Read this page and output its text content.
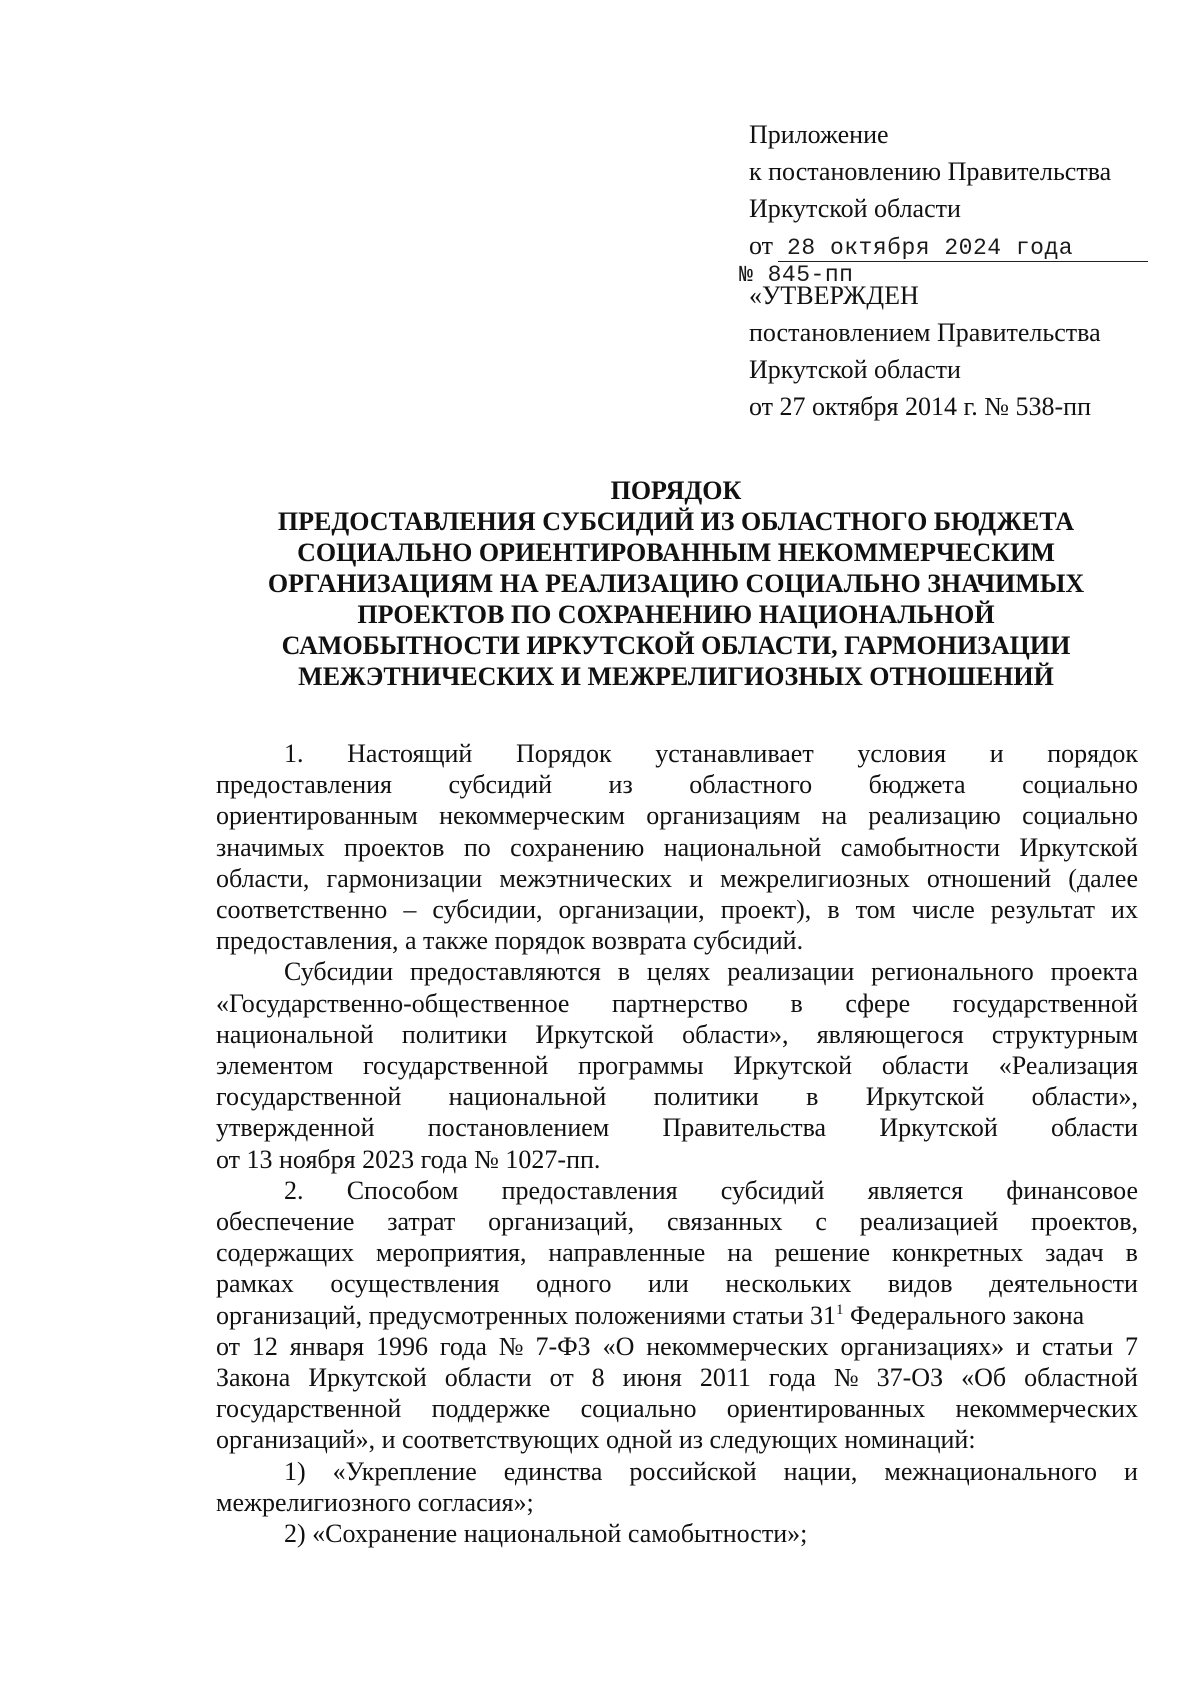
Приложение
к постановлению Правительства
Иркутской области
от 28 октября 2024 года
№ 845-пп
«УТВЕРЖДЕН
постановлением Правительства
Иркутской области
от 27 октября 2014 г. № 538-пп
ПОРЯДОК
ПРЕДОСТАВЛЕНИЯ СУБСИДИЙ ИЗ ОБЛАСТНОГО БЮДЖЕТА
СОЦИАЛЬНО ОРИЕНТИРОВАННЫМ НЕКОММЕРЧЕСКИМ
ОРГАНИЗАЦИЯМ НА РЕАЛИЗАЦИЮ СОЦИАЛЬНО ЗНАЧИМЫХ
ПРОЕКТОВ ПО СОХРАНЕНИЮ НАЦИОНАЛЬНОЙ
САМОБЫТНОСТИ ИРКУТСКОЙ ОБЛАСТИ, ГАРМОНИЗАЦИИ
МЕЖЭТНИЧЕСКИХ И МЕЖРЕЛИГИОЗНЫХ ОТНОШЕНИЙ
1. Настоящий Порядок устанавливает условия и порядок
предоставления субсидий из областного бюджета социально
ориентированным некоммерческим организациям на реализацию социально
значимых проектов по сохранению национальной самобытности Иркутской
области, гармонизации межэтнических и межрелигиозных отношений (далее
соответственно – субсидии, организации, проект), в том числе результат их
предоставления, а также порядок возврата субсидий.
Субсидии предоставляются в целях реализации регионального проекта
«Государственно-общественное партнерство в сфере государственной
национальной политики Иркутской области», являющегося структурным
элементом государственной программы Иркутской области «Реализация
государственной национальной политики в Иркутской области»,
утвержденной постановлением Правительства Иркутской области
от 13 ноября 2023 года № 1027-пп.
2. Способом предоставления субсидий является финансовое
обеспечение затрат организаций, связанных с реализацией проектов,
содержащих мероприятия, направленные на решение конкретных задач в
рамках осуществления одного или нескольких видов деятельности
организаций, предусмотренных положениями статьи $31^1$ Федерального закона
от 12 января 1996 года № 7-ФЗ «О некоммерческих организациях» и статьи 7
Закона Иркутской области от 8 июня 2011 года № 37-ОЗ «Об областной
государственной поддержке социально ориентированных некоммерческих
организаций», и соответствующих одной из следующих номинаций:
1) «Укрепление единства российской нации, межнационального и
межрелигиозного согласия»;
2) «Сохранение национальной самобытности»;
